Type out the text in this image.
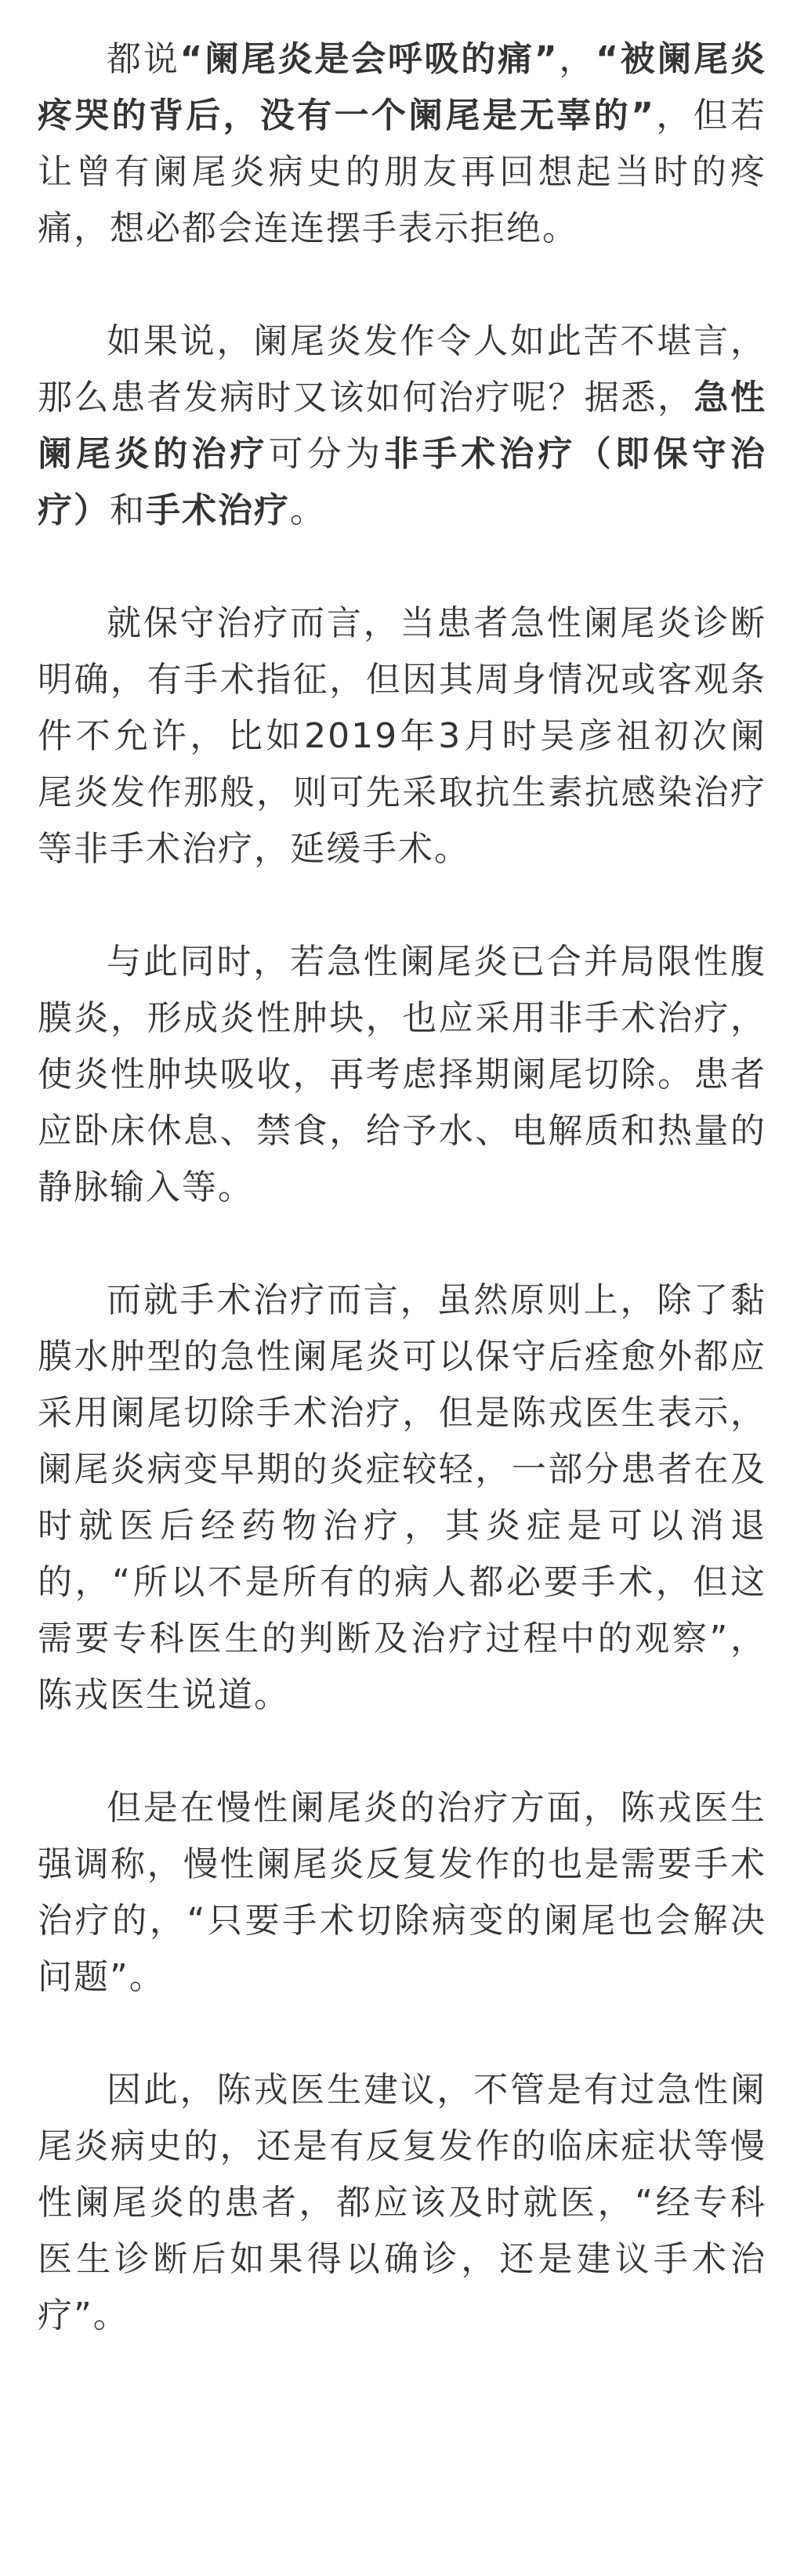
都说“阑尾炎是会呼吸的痛”，“被阑尾炎疼哭的背后，没有一个阑尾是无辜的”，但若让曾有阑尾炎病史的朋友再回想起当时的疼痛，想必都会连连摆手表示拒绝。

如果说，阑尾炎发作令人如此苦不堪言，那么患者发病时又该如何治疗呢？据悉，急性阑尾炎的治疗可分为非手术治疗（即保守治疗）和手术治疗。

就保守治疗而言，当患者急性阑尾炎诊断明确，有手术指征，但因其周身情况或客观条件不允许，比如2019年3月时吴彦祖初次阑尾炎发作那般，则可先采取抗生素抗感染治疗等非手术治疗，延缓手术。

与此同时，若急性阑尾炎已合并局限性腹膜炎，形成炎性肿块，也应采用非手术治疗，使炎性肿块吸收，再考虑择期阑尾切除。患者应卧床休息、禁食，给予水、电解质和热量的静脉输入等。

而就手术治疗而言，虽然原则上，除了黏膜水肿型的急性阑尾炎可以保守后痊愈外都应采用阑尾切除手术治疗，但是陈戎医生表示，阑尾炎病变早期的炎症较轻，一部分患者在及时就医后经药物治疗，其炎症是可以消退的，“所以不是所有的病人都必要手术，但这需要专科医生的判断及治疗过程中的观察”，陈戎医生说道。

但是在慢性阑尾炎的治疗方面，陈戎医生强调称，慢性阑尾炎反复发作的也是需要手术治疗的，“只要手术切除病变的阑尾也会解决问题”。

因此，陈戎医生建议，不管是有过急性阑尾炎病史的，还是有反复发作的临床症状等慢性阑尾炎的患者，都应该及时就医，“经专科医生诊断后如果得以确诊，还是建议手术治疗”。
